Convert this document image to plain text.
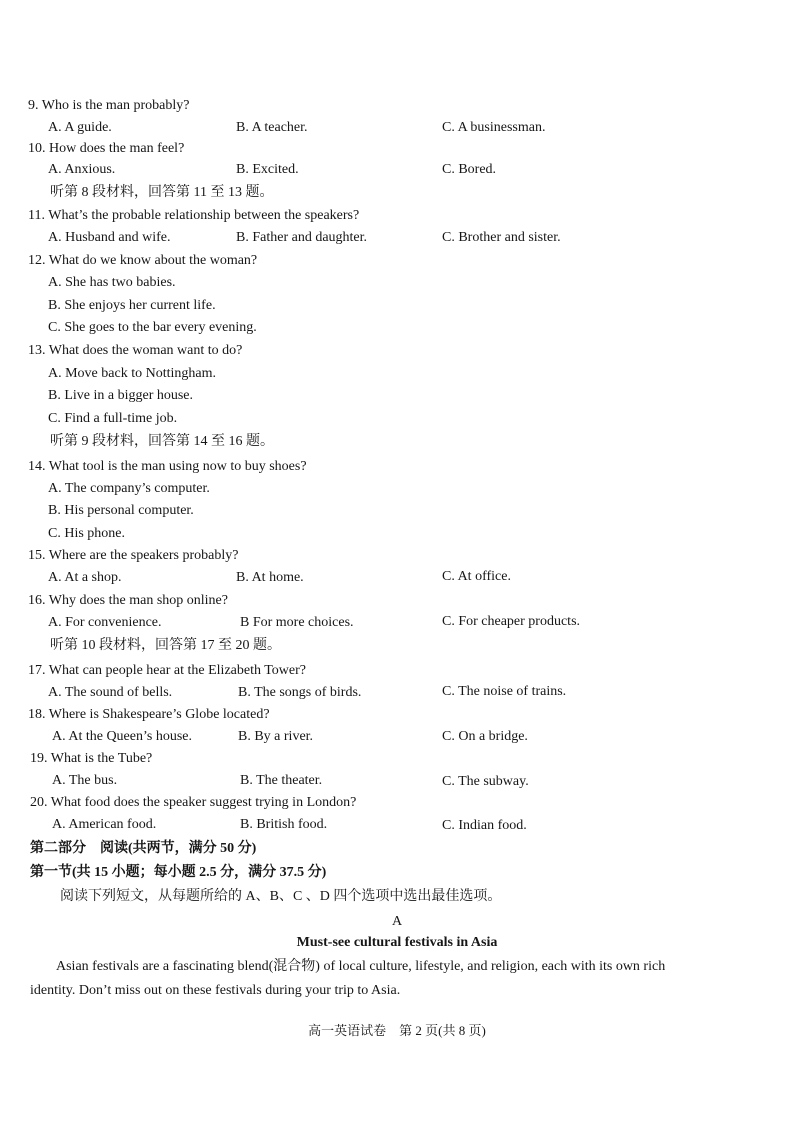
9. Who is the man probably?
A. A guide.	B. A teacher.	C. A businessman.
10. How does the man feel?
A. Anxious.	B. Excited.	C. Bored.
听第 8 段材料，回答第 11 至 13 题。
11. What’s the probable relationship between the speakers?
A. Husband and wife.	B. Father and daughter.	C. Brother and sister.
12. What do we know about the woman?
A. She has two babies.
B. She enjoys her current life.
C. She goes to the bar every evening.
13. What does the woman want to do?
A. Move back to Nottingham.
B. Live in a bigger house.
C. Find a full-time job.
听第 9 段材料，回答第 14 至 16 题。
14. What tool is the man using now to buy shoes?
A. The company’s computer.
B. His personal computer.
C. His phone.
15. Where are the speakers probably?
A. At a shop.	B. At home.	C. At office.
16. Why does the man shop online?
A. For convenience.	B For more choices.	C. For cheaper products.
听第 10 段材料，回答第 17 至 20 题。
17. What can people hear at the Elizabeth Tower?
A. The sound of bells.	B. The songs of birds.	C. The noise of trains.
18. Where is Shakespeare’s Globe located?
A. At the Queen’s house.	B. By a river.	C. On a bridge.
19. What is the Tube?
A. The bus.	B. The theater.	C. The subway.
20. What food does the speaker suggest trying in London?
A. American food.	B. British food.	C. Indian food.
第二部分　阅读(共两节，满分 50 分)
第一节(共 15 小题；每小题 2.5 分，满分 37.5 分)
阅读下列短文，从每题所给的 A、B、C 、D 四个选项中选出最佳选项。
A
Must-see cultural festivals in Asia
Asian festivals are a fascinating blend(混合物) of local culture, lifestyle, and religion, each with its own rich identity. Don’t miss out on these festivals during your trip to Asia.
高一英语试卷　第 2 页(共 8 页)
